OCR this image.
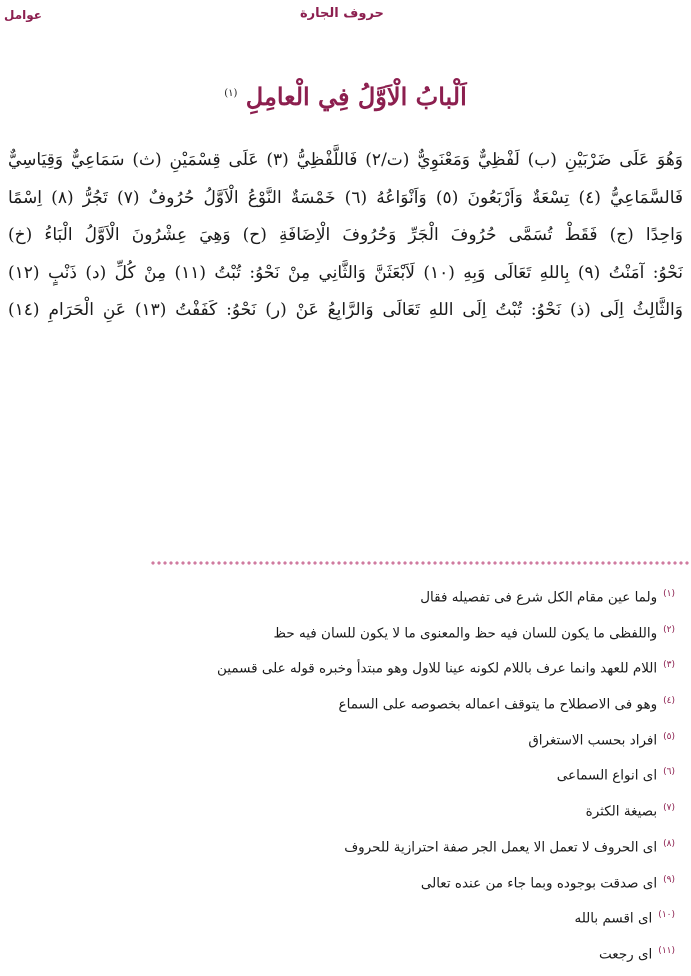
عوامل	حروف الجارة
اَلْبابُ الْاَوَّلُ فِي الْعامِلِ $^{(١)}$
وَهُوَ عَلَى ضَرْبَيْنِ (ب) لَفْظِيٌّ وَمَعْنَوِيٌّ (ت/٢) فَاللَّفْظِيُّ (٣) عَلَى قِسْمَيْنِ (ث) سَمَاعِيٌّ وَقِيَاسِيٌّ
فَالسَّمَاعِيُّ (٤) تِسْعَةٌ وَاَرْبَعُونَ (٥) وَاَنْوَاعُهُ (٦) خَمْسَةٌ النَّوْعُ الْاَوَّلُ حُرُوفٌ (٧) تَجُرُّ (٨) اِسْمًا
وَاحِدًا (ج) فَقَطْ تُسَمَّى حُرُوفَ الْجَرِّ وَحُرُوفَ الْاِضَافَةِ (ح) وَهِيَ عِشْرُونَ الْاَوَّلُ الْبَاءُ (خ)
نَحْوُ: آمَنْتُ (٩) بِاللهِ تَعَالَى وَبِهِ (١٠) لَاَبْعَثَنَّ وَالثَّانِي مِنْ نَحْوُ: تُبْتُ (١١) مِنْ كُلِّ (د) ذَنْبٍ (١٢)
وَالثَّالِثُ اِلَى (ذ) نَحْوُ: تُبْتُ اِلَى اللهِ تَعَالَى وَالرَّابِعُ عَنْ (ر) نَحْوُ: كَفَفْتُ (١٣) عَنِ الْحَرَامِ (١٤)
$^{(١)}$ولما عين مقام الكل شرع فى تفصيله فقال
$^{(٢)}$واللفظى ما يكون للسان فيه حظ والمعنوى ما لا يكون للسان فيه حظ
$^{(٣)}$اللام للعهد وانما عرف باللام لكونه عينا للاول وهو مبتدأ وخبره قوله على قسمين
$^{(٤)}$وهو فى الاصطلاح ما يتوقف اعماله بخصوصه على السماع
$^{(٥)}$افراد بحسب الاستغراق
$^{(٦)}$اى انواع السماعى
$^{(٧)}$بصيغة الكثرة
$^{(٨)}$اى الحروف لا تعمل الا يعمل الجر صفة احترازية للحروف
$^{(٩)}$اى صدقت بوجوده وبما جاء من عنده تعالى
$^{(١٠)}$اى اقسم بالله
$^{(١١)}$اى رجعت
